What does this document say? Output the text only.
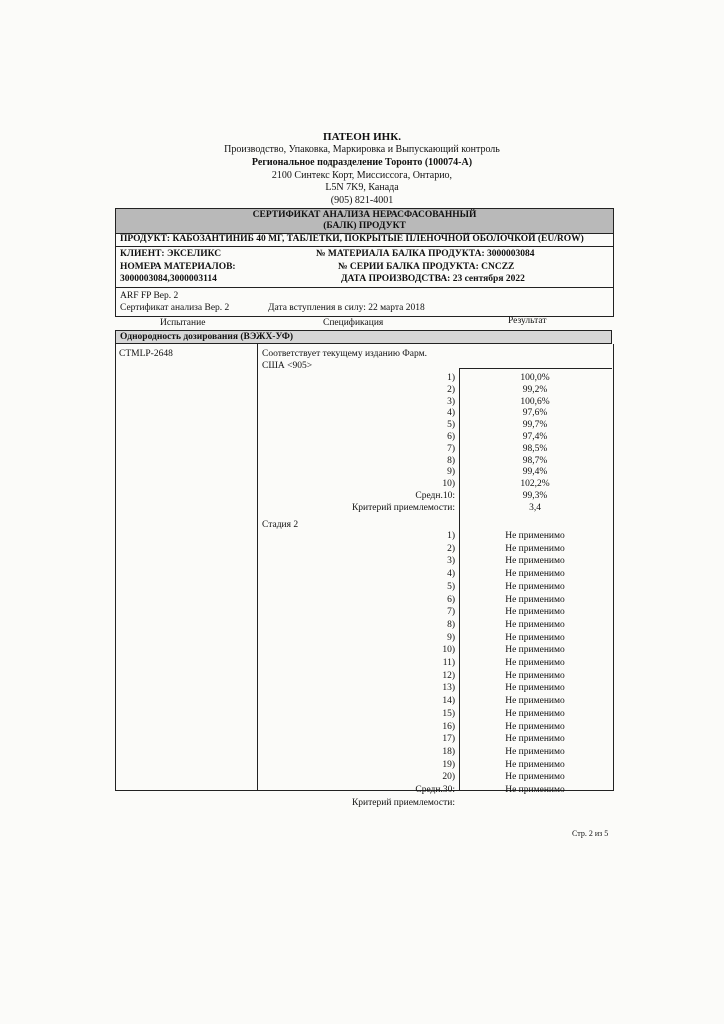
ПАТЕОН ИНК.
Производство, Упаковка, Маркировка и Выпускающий контроль
Региональное подразделение Торонто (100074-А)
2100 Синтекс Корт, Миссиссога, Онтарио,
L5N 7K9, Канада
(905) 821-4001
СЕРТИФИКАТ АНАЛИЗА НЕРАСФАСОВАННЫЙ
(БАЛК) ПРОДУКТ
ПРОДУКТ: КАБОЗАНТИНИБ 40 МГ, ТАБЛЕТКИ, ПОКРЫТЫЕ ПЛЕНОЧНОЙ ОБОЛОЧКОЙ (EU/ROW)
КЛИЕНТ: ЭКСЕЛИКС	№ МАТЕРИАЛА БАЛКА ПРОДУКТА: 3000003084
НОМЕРА МАТЕРИАЛОВ:	№ СЕРИИ БАЛКА ПРОДУКТА: CNCZZ
3000003084,3000003114	ДАТА ПРОИЗВОДСТВА: 23 сентября 2022
ARF FP Вер. 2
Сертификат анализа Вер. 2	Дата вступления в силу: 22 марта 2018
Испытание	Спецификация	Результат
Однородность дозирования (ВЭЖХ-УФ)
CTMLP-2648	Соответствует текущему изданию Фарм.
США <905>
1)	100,0%
2)	99,2%
3)	100,6%
4)	97,6%
5)	99,7%
6)	97,4%
7)	98,5%
8)	98,7%
9)	99,4%
10)	102,2%
Средн.10:	99,3%
Критерий приемлемости:	3,4
Стадия 2
1)	Не применимо
2)	Не применимо
3)	Не применимо
4)	Не применимо
5)	Не применимо
6)	Не применимо
7)	Не применимо
8)	Не применимо
9)	Не применимо
10)	Не применимо
11)	Не применимо
12)	Не применимо
13)	Не применимо
14)	Не применимо
15)	Не применимо
16)	Не применимо
17)	Не применимо
18)	Не применимо
19)	Не применимо
20)	Не применимо
Средн.30:	Не применимо
Критерий приемлемости:
Стр. 2 из 5
